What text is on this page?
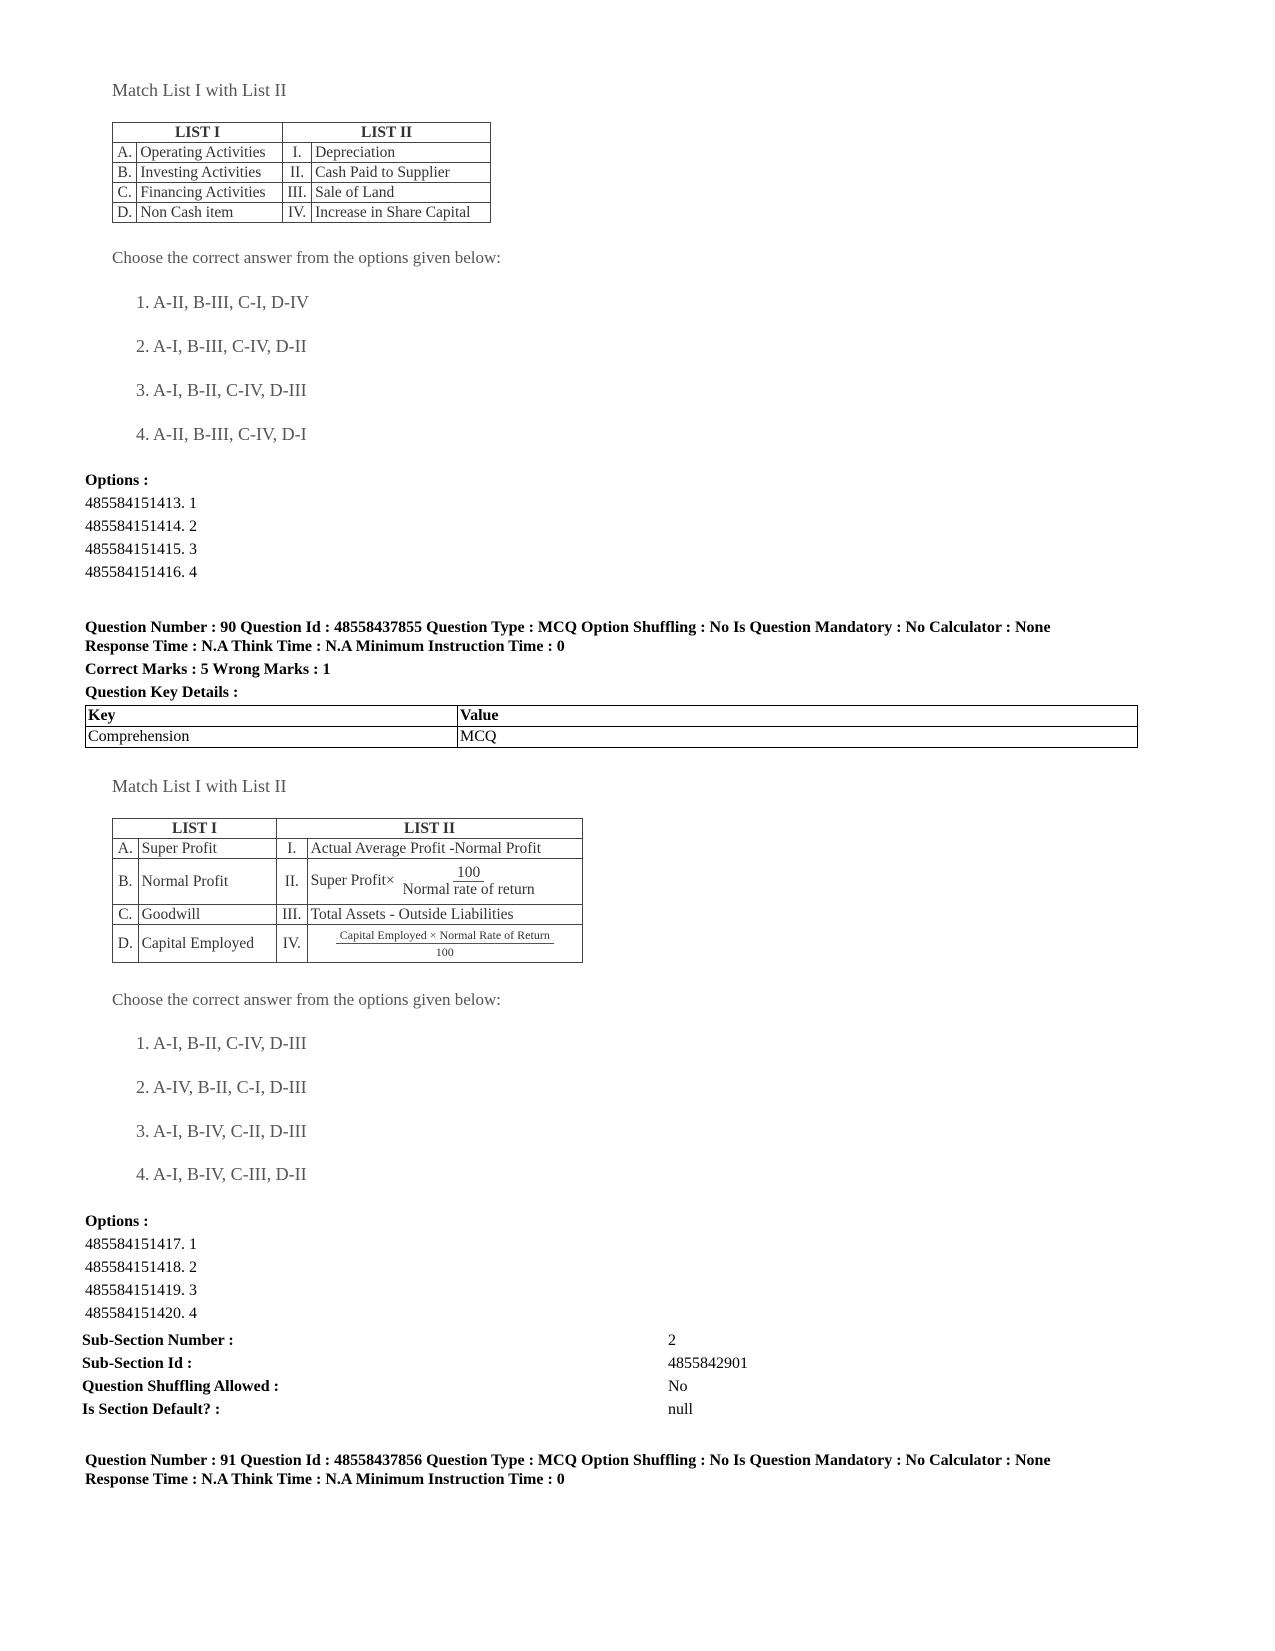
Match List I with List II

LIST I		LIST II	
A.	Operating Activities	I.	Depreciation
B.	Investing Activities	II.	Cash Paid to Supplier
C.	Financing Activities	III.	Sale of Land
D.	Non Cash item	IV.	Increase in Share Capital

Choose the correct answer from the options given below:

1. A-II, B-III, C-I, D-IV
2. A-I, B-III, C-IV, D-II
3. A-I, B-II, C-IV, D-III
4. A-II, B-III, C-IV, D-I
Options :
485584151413. 1
485584151414. 2
485584151415. 3
485584151416. 4
Question Number : 90 Question Id : 48558437855 Question Type : MCQ Option Shuffling : No Is Question Mandatory : No Calculator : None
Response Time : N.A Think Time : N.A Minimum Instruction Time : 0
Correct Marks : 5 Wrong Marks : 1
Question Key Details :
Key	Value
Comprehension	MCQ

Match List I with List II

LIST I		LIST II	
A.	Super Profit	I.	Actual Average Profit -Normal Profit
B.	Normal Profit	II.	Super Profit× $\frac{100}{\text{Normal rate of return}}$

C.	Goodwill	III.	Total Assets - Outside Liabilities
D.	Capital Employed	IV.	$\frac{\text{Capital Employed × Normal Rate of Return}}{100}$

Choose the correct answer from the options given below:

1. A-I, B-II, C-IV, D-III
2. A-IV, B-II, C-I, D-III
3. A-I, B-IV, C-II, D-III
4. A-I, B-IV, C-III, D-II
Options :
485584151417. 1
485584151418. 2
485584151419. 3
485584151420. 4
Sub-Section Number :	2
Sub-Section Id :	4855842901
Question Shuffling Allowed :	No
Is Section Default? :	null
Question Number : 91 Question Id : 48558437856 Question Type : MCQ Option Shuffling : No Is Question Mandatory : No Calculator : None
Response Time : N.A Think Time : N.A Minimum Instruction Time : 0
